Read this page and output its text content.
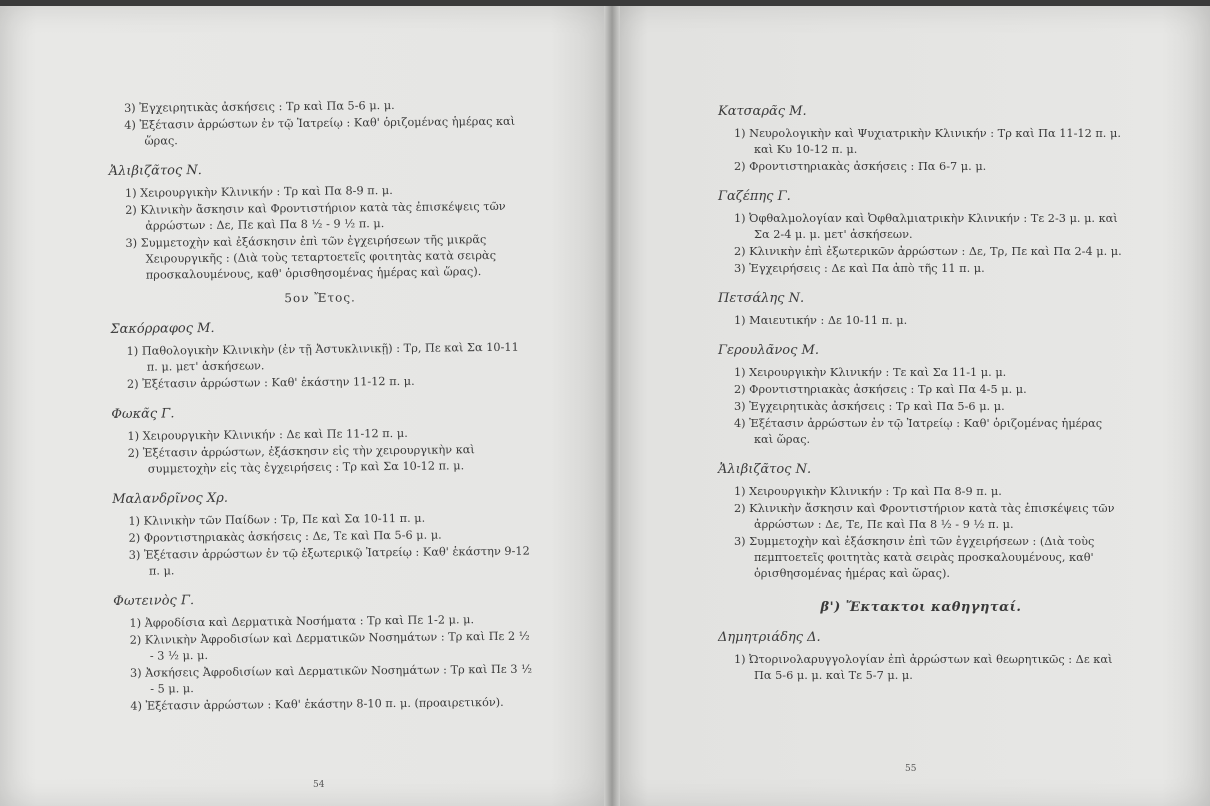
3) Ἐγχειρητικὰς ἀσκήσεις : Τρ καὶ Πα 5-6 μ. μ.
4) Ἐξέτασιν ἀρρώστων ἐν τῷ Ἰατρείῳ : Καθ' ὁριζομένας ἡμέρας καὶ ὥρας.
Ἀλιβιζᾶτος Ν.
1) Χειρουργικὴν Κλινικήν : Τρ καὶ Πα 8-9 π. μ.
2) Κλινικὴν ἄσκησιν καὶ Φροντιστήριον κατὰ τὰς ἐπισκέψεις τῶν ἀρρώστων : Δε, Πε καὶ Πα 8 ½ - 9 ½ π. μ.
3) Συμμετοχὴν καὶ ἐξάσκησιν ἐπὶ τῶν ἐγχειρήσεων τῆς μικρᾶς Χειρουργικῆς : (Διὰ τοὺς τεταρτοετεῖς φοιτητὰς κατὰ σειρὰς προσκαλουμένους, καθ' ὁρισθησομένας ἡμέρας καὶ ὥρας).
5ον Ἔτος.
Σακόρραφος Μ.
1) Παθολογικὴν Κλινικὴν (ἐν τῇ Ἀστυκλινικῇ) : Τρ, Πε καὶ Σα 10-11 π. μ. μετ' ἀσκήσεων.
2) Ἐξέτασιν ἀρρώστων : Καθ' ἑκάστην 11-12 π. μ.
Φωκᾶς Γ.
1) Χειρουργικὴν Κλινικήν : Δε καὶ Πε 11-12 π. μ.
2) Ἐξέτασιν ἀρρώστων, ἐξάσκησιν εἰς τὴν χειρουργικὴν καὶ συμμετοχὴν εἰς τὰς ἐγχειρήσεις : Τρ καὶ Σα 10-12 π. μ.
Μαλανδρῖνος Χρ.
1) Κλινικὴν τῶν Παίδων : Τρ, Πε καὶ Σα 10-11 π. μ.
2) Φροντιστηριακὰς ἀσκήσεις : Δε, Τε καὶ Πα 5-6 μ. μ.
3) Ἐξέτασιν ἀρρώστων ἐν τῷ ἐξωτερικῷ Ἰατρείῳ : Καθ' ἑκάστην 9-12 π. μ.
Φωτεινὸς Γ.
1) Ἀφροδίσια καὶ Δερματικὰ Νοσήματα : Τρ καὶ Πε 1-2 μ. μ.
2) Κλινικὴν Ἀφροδισίων καὶ Δερματικῶν Νοσημάτων : Τρ καὶ Πε 2 ½ - 3 ½ μ. μ.
3) Ἀσκήσεις Ἀφροδισίων καὶ Δερματικῶν Νοσημάτων : Τρ καὶ Πε 3 ½ - 5 μ. μ.
4) Ἐξέτασιν ἀρρώστων : Καθ' ἑκάστην 8-10 π. μ. (προαιρετικόν).
54
Κατσαρᾶς Μ.
1) Νευρολογικὴν καὶ Ψυχιατρικὴν Κλινικήν : Τρ καὶ Πα 11-12 π. μ. καὶ Κυ 10-12 π. μ.
2) Φροντιστηριακὰς ἀσκήσεις : Πα 6-7 μ. μ.
Γαζέπης Γ.
1) Ὀφθαλμολογίαν καὶ Ὀφθαλμιατρικὴν Κλινικήν : Τε 2-3 μ. μ. καὶ Σα 2-4 μ. μ. μετ' ἀσκήσεων.
2) Κλινικὴν ἐπὶ ἐξωτερικῶν ἀρρώστων : Δε, Τρ, Πε καὶ Πα 2-4 μ. μ.
3) Ἐγχειρήσεις : Δε καὶ Πα ἀπὸ τῆς 11 π. μ.
Πετσάλης Ν.
1) Μαιευτικήν : Δε 10-11 π. μ.
Γερουλᾶνος Μ.
1) Χειρουργικὴν Κλινικήν : Τε καὶ Σα 11-1 μ. μ.
2) Φροντιστηριακὰς ἀσκήσεις : Τρ καὶ Πα 4-5 μ. μ.
3) Ἐγχειρητικὰς ἀσκήσεις : Τρ καὶ Πα 5-6 μ. μ.
4) Ἐξέτασιν ἀρρώστων ἐν τῷ Ἰατρείῳ : Καθ' ὁριζομένας ἡμέρας καὶ ὥρας.
Ἀλιβιζᾶτος Ν.
1) Χειρουργικὴν Κλινικήν : Τρ καὶ Πα 8-9 π. μ.
2) Κλινικὴν ἄσκησιν καὶ Φροντιστήριον κατὰ τὰς ἐπισκέψεις τῶν ἀρρώστων : Δε, Τε, Πε καὶ Πα 8 ½ - 9 ½ π. μ.
3) Συμμετοχὴν καὶ ἐξάσκησιν ἐπὶ τῶν ἐγχειρήσεων : (Διὰ τοὺς πεμπτοετεῖς φοιτητὰς κατὰ σειρὰς προσκαλουμένους, καθ' ὁρισθησομένας ἡμέρας καὶ ὥρας).
β') Ἔκτακτοι καθηγηταί.
Δημητριάδης Δ.
1) Ὠτορινολαρυγγολογίαν ἐπὶ ἀρρώστων καὶ θεωρητικῶς : Δε καὶ Πα 5-6 μ. μ. καὶ Τε 5-7 μ. μ.
55
